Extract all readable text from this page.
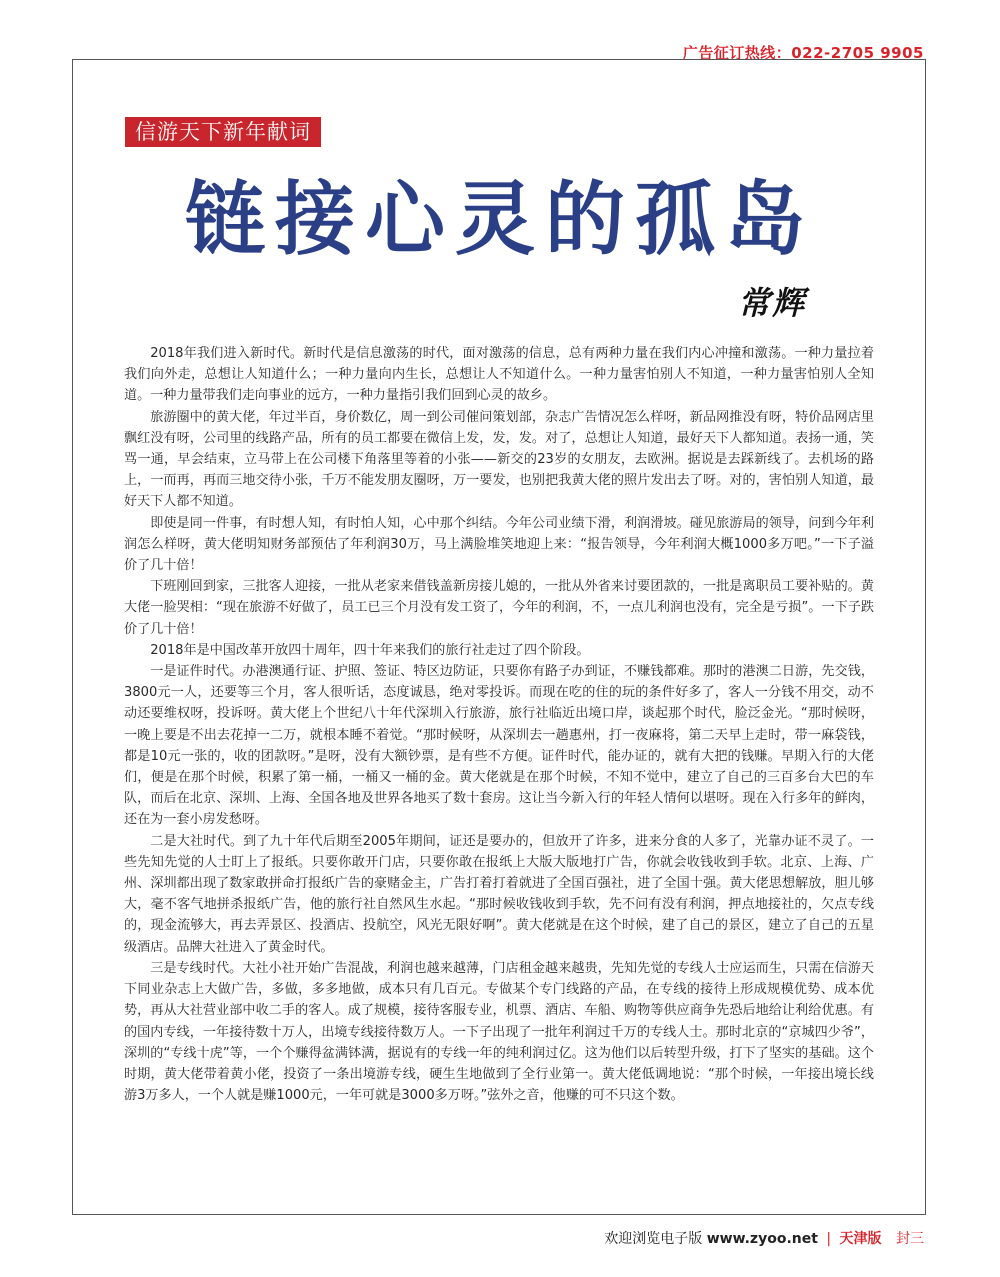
广告征订热线：022-2705 9905
信游天下新年献词
链接心灵的孤岛
常辉

2018年我们进入新时代。新时代是信息激荡的时代，面对激荡的信息，总有两种力量在我们内心冲撞和激荡。一种力量拉着我们向外走，总想让人知道什么；一种力量向内生长，总想让人不知道什么。一种力量害怕别人不知道，一种力量害怕别人全知道。一种力量带我们走向事业的远方，一种力量指引我们回到心灵的故乡。

旅游圈中的黄大佬，年过半百，身价数亿，周一到公司催问策划部，杂志广告情况怎么样呀，新品网推没有呀，特价品网店里飘红没有呀，公司里的线路产品，所有的员工都要在微信上发，发，发。对了，总想让人知道，最好天下人都知道。表扬一通，笑骂一通，早会结束，立马带上在公司楼下角落里等着的小张——新交的23岁的女朋友，去欧洲。据说是去踩新线了。去机场的路上，一而再，再而三地交待小张，千万不能发朋友圈呀，万一要发，也别把我黄大佬的照片发出去了呀。对的，害怕别人知道，最好天下人都不知道。

即使是同一件事，有时想人知，有时怕人知，心中那个纠结。今年公司业绩下滑，利润滑坡。碰见旅游局的领导，问到今年利润怎么样呀，黄大佬明知财务部预估了年利润30万，马上满脸堆笑地迎上来：“报告领导，今年利润大概1000多万吧。”一下子溢价了几十倍！

下班刚回到家，三批客人迎接，一批从老家来借钱盖新房接儿媳的，一批从外省来讨要团款的，一批是离职员工要补贴的。黄大佬一脸哭相：“现在旅游不好做了，员工已三个月没有发工资了，今年的利润，不，一点儿利润也没有，完全是亏损”。一下子跌价了几十倍！

2018年是中国改革开放四十周年，四十年来我们的旅行社走过了四个阶段。

一是证件时代。办港澳通行证、护照、签证、特区边防证，只要你有路子办到证，不赚钱都难。那时的港澳二日游，先交钱，3800元一人，还要等三个月，客人很听话，态度诚恳，绝对零投诉。而现在吃的住的玩的条件好多了，客人一分钱不用交，动不动还要维权呀，投诉呀。黄大佬上个世纪八十年代深圳入行旅游，旅行社临近出境口岸，谈起那个时代，脸泛金光。“那时候呀，一晚上要是不出去花掉一二万，就根本睡不着觉。“那时候呀，从深圳去一趟惠州，打一夜麻将，第二天早上走时，带一麻袋钱，都是10元一张的，收的团款呀。”是呀，没有大额钞票，是有些不方便。证件时代，能办证的，就有大把的钱赚。早期入行的大佬们，便是在那个时候，积累了第一桶，一桶又一桶的金。黄大佬就是在那个时候，不知不觉中，建立了自己的三百多台大巴的车队，而后在北京、深圳、上海、全国各地及世界各地买了数十套房。这让当今新入行的年轻人情何以堪呀。现在入行多年的鲜肉，还在为一套小房发愁呀。

二是大社时代。到了九十年代后期至2005年期间，证还是要办的，但放开了许多，进来分食的人多了，光靠办证不灵了。一些先知先觉的人士盯上了报纸。只要你敢开门店，只要你敢在报纸上大版大版地打广告，你就会收钱收到手软。北京、上海、广州、深圳都出现了数家敢拼命打报纸广告的豪赌金主，广告打着打着就进了全国百强社，进了全国十强。黄大佬思想解放，胆儿够大，毫不客气地拼杀报纸广告，他的旅行社自然风生水起。“那时候收钱收到手软，先不问有没有利润，押点地接社的，欠点专线的，现金流够大，再去弄景区、投酒店、投航空，风光无限好啊”。黄大佬就是在这个时候，建了自己的景区，建立了自己的五星级酒店。品牌大社进入了黄金时代。

三是专线时代。大社小社开始广告混战，利润也越来越薄，门店租金越来越贵，先知先觉的专线人士应运而生，只需在信游天下同业杂志上大做广告，多做，多多地做，成本只有几百元。专做某个专门线路的产品，在专线的接待上形成规模优势、成本优势，再从大社营业部中收二手的客人。成了规模，接待客服专业，机票、酒店、车船、购物等供应商争先恐后地给让利给优惠。有的国内专线，一年接待数十万人，出境专线接待数万人。一下子出现了一批年利润过千万的专线人士。那时北京的“京城四少爷”，深圳的“专线十虎”等，一个个赚得盆满钵满，据说有的专线一年的纯利润过亿。这为他们以后转型升级，打下了坚实的基础。这个时期，黄大佬带着黄小佬，投资了一条出境游专线，硬生生地做到了全行业第一。黄大佬低调地说：“那个时候，一年接出境长线游3万多人，一个人就是赚1000元，一年可就是3000多万呀。”弦外之音，他赚的可不只这个数。

欢迎浏览电子版 www.zyoo.net | 天津版 封三
